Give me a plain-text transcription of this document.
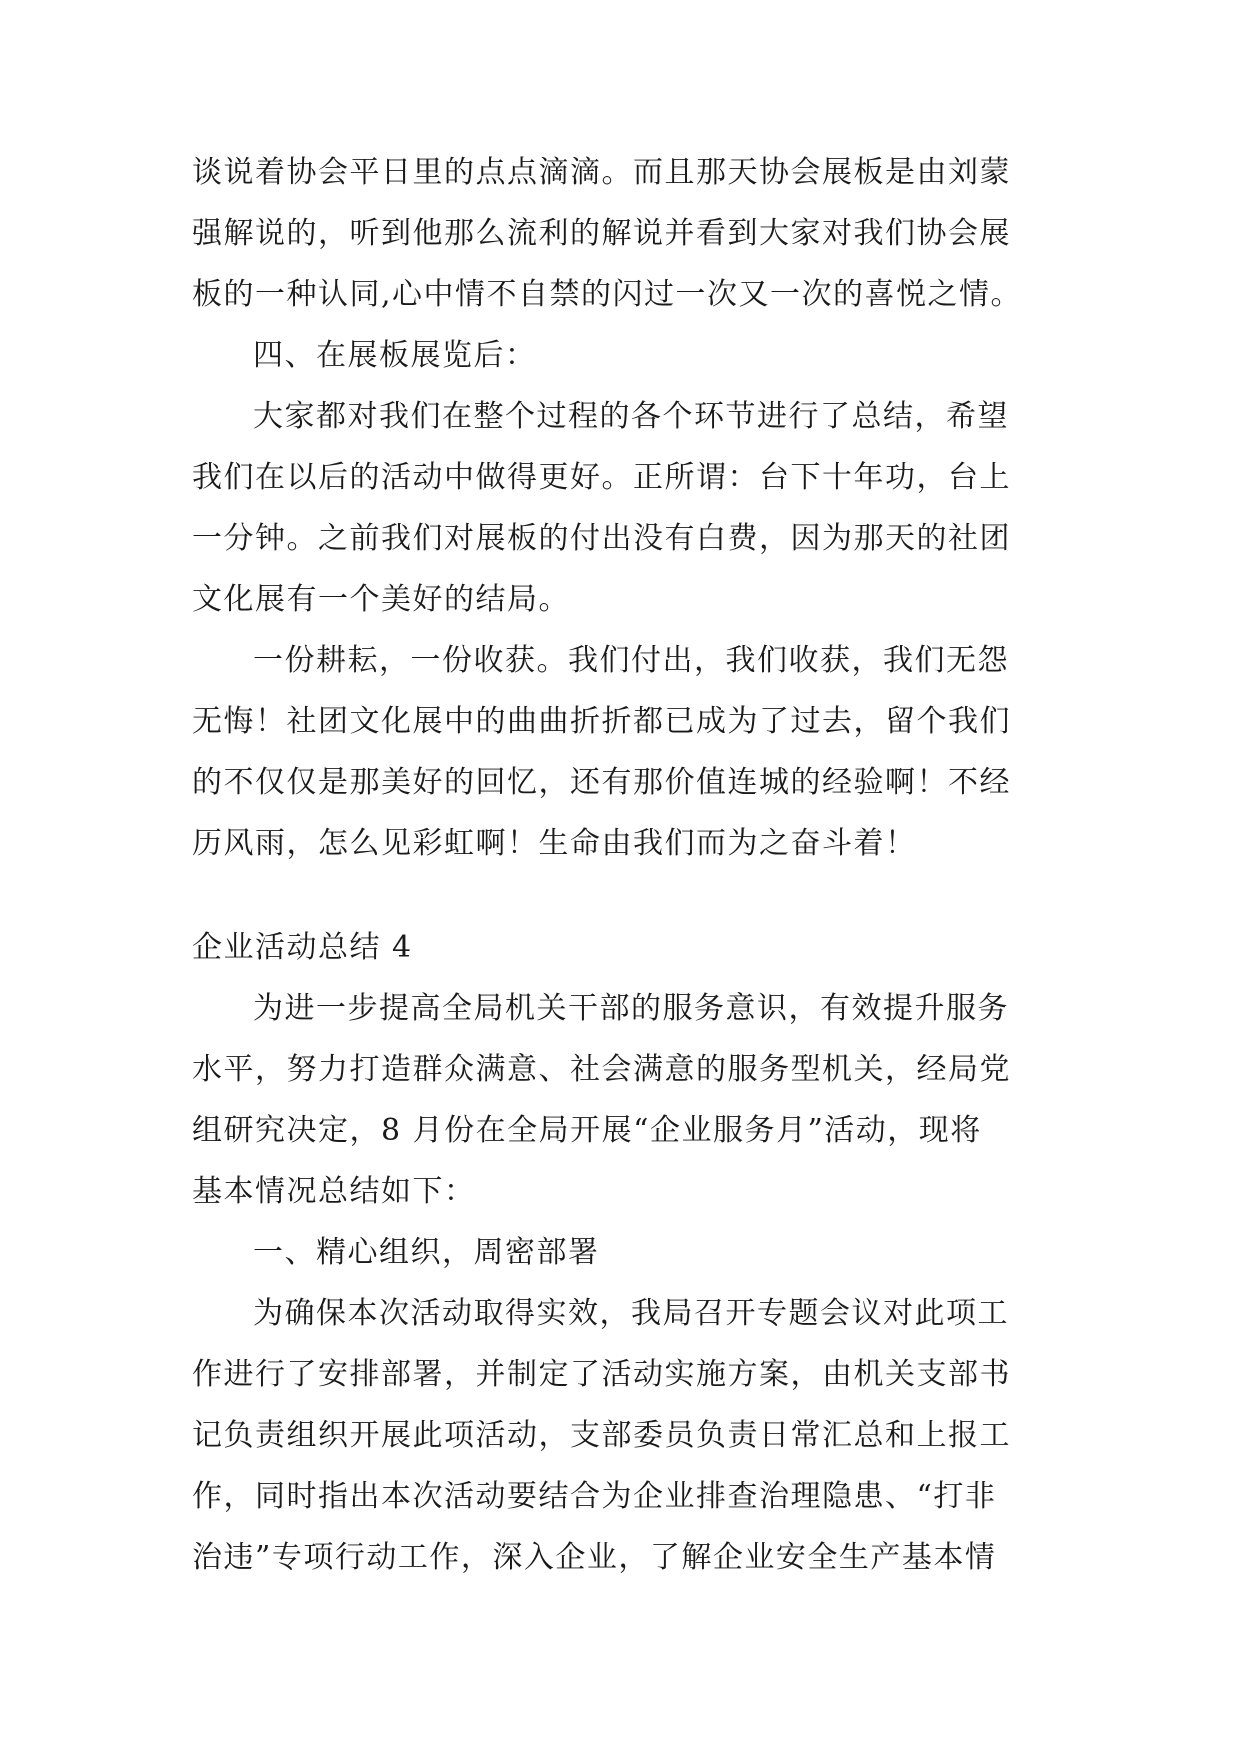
谈说着协会平日里的点点滴滴。而且那天协会展板是由刘蒙
强解说的，听到他那么流利的解说并看到大家对我们协会展
板的一种认同,心中情不自禁的闪过一次又一次的喜悦之情。
四、在展板展览后：
大家都对我们在整个过程的各个环节进行了总结，希望
我们在以后的活动中做得更好。正所谓：台下十年功，台上
一分钟。之前我们对展板的付出没有白费，因为那天的社团
文化展有一个美好的结局。
一份耕耘，一份收获。我们付出，我们收获，我们无怨
无悔！社团文化展中的曲曲折折都已成为了过去，留个我们
的不仅仅是那美好的回忆，还有那价值连城的经验啊！不经
历风雨，怎么见彩虹啊！生命由我们而为之奋斗着！
企业活动总结 4
为进一步提高全局机关干部的服务意识，有效提升服务
水平，努力打造群众满意、社会满意的服务型机关，经局党
组研究决定，8 月份在全局开展“企业服务月”活动，现将
基本情况总结如下：
一、精心组织，周密部署
为确保本次活动取得实效，我局召开专题会议对此项工
作进行了安排部署，并制定了活动实施方案，由机关支部书
记负责组织开展此项活动，支部委员负责日常汇总和上报工
作，同时指出本次活动要结合为企业排查治理隐患、“打非
治违”专项行动工作，深入企业，了解企业安全生产基本情
